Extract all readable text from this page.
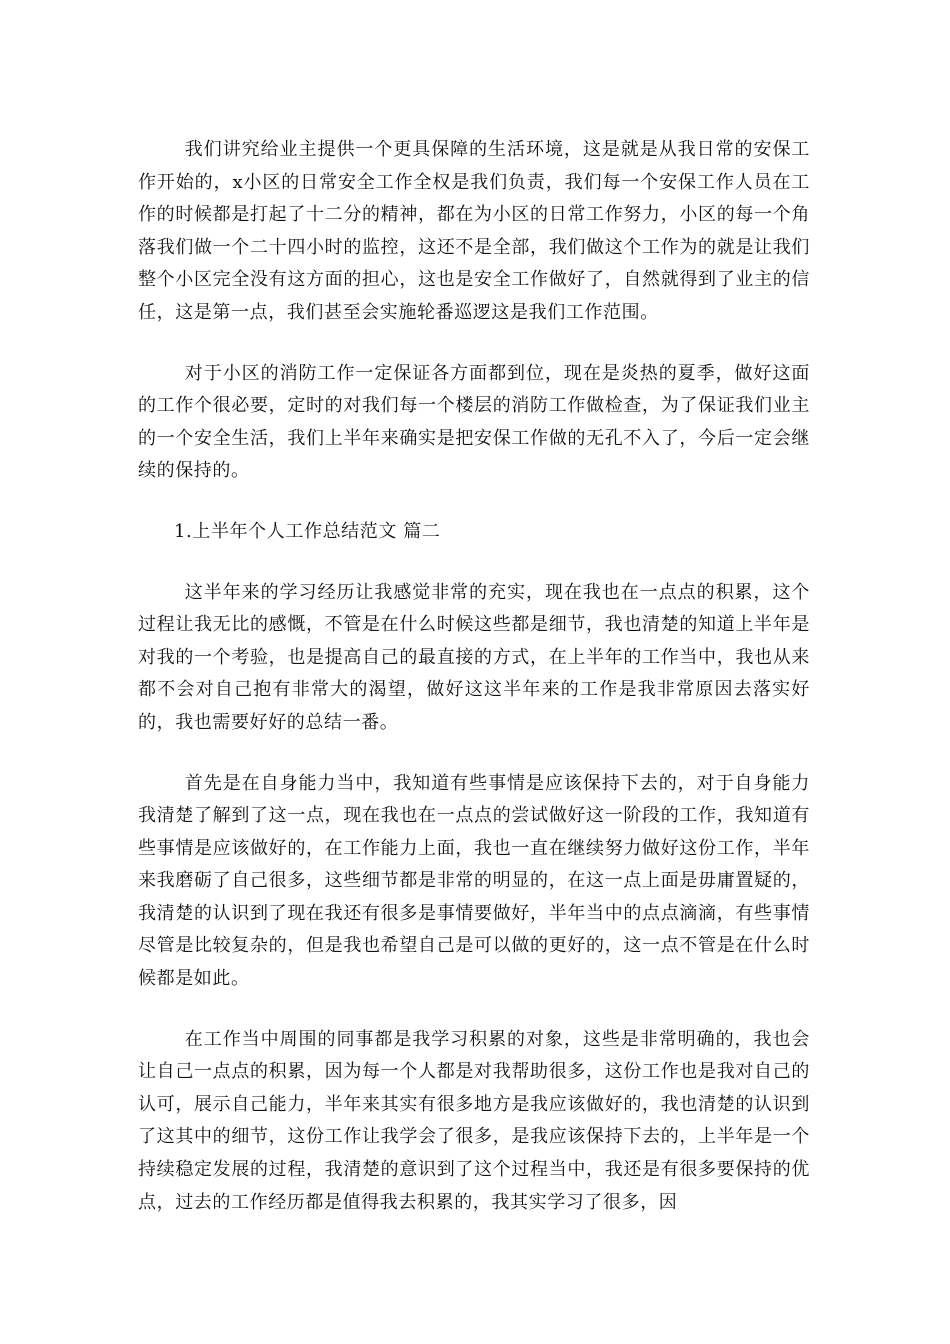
我们讲究给业主提供一个更具保障的生活环境，这是就是从我日常的安保工作开始的，x小区的日常安全工作全权是我们负责，我们每一个安保工作人员在工作的时候都是打起了十二分的精神，都在为小区的日常工作努力，小区的每一个角落我们做一个二十四小时的监控，这还不是全部，我们做这个工作为的就是让我们整个小区完全没有这方面的担心，这也是安全工作做好了，自然就得到了业主的信任，这是第一点，我们甚至会实施轮番巡逻这是我们工作范围。

对于小区的消防工作一定保证各方面都到位，现在是炎热的夏季，做好这面的工作个很必要，定时的对我们每一个楼层的消防工作做检查，为了保证我们业主的一个安全生活，我们上半年来确实是把安保工作做的无孔不入了，今后一定会继续的保持的。

1.上半年个人工作总结范文 篇二

这半年来的学习经历让我感觉非常的充实，现在我也在一点点的积累，这个过程让我无比的感慨，不管是在什么时候这些都是细节，我也清楚的知道上半年是对我的一个考验，也是提高自己的最直接的方式，在上半年的工作当中，我也从来都不会对自己抱有非常大的渴望，做好这这半年来的工作是我非常原因去落实好的，我也需要好好的总结一番。

首先是在自身能力当中，我知道有些事情是应该保持下去的，对于自身能力我清楚了解到了这一点，现在我也在一点点的尝试做好这一阶段的工作，我知道有些事情是应该做好的，在工作能力上面，我也一直在继续努力做好这份工作，半年来我磨砺了自己很多，这些细节都是非常的明显的，在这一点上面是毋庸置疑的，我清楚的认识到了现在我还有很多是事情要做好，半年当中的点点滴滴，有些事情尽管是比较复杂的，但是我也希望自己是可以做的更好的，这一点不管是在什么时候都是如此。

在工作当中周围的同事都是我学习积累的对象，这些是非常明确的，我也会让自己一点点的积累，因为每一个人都是对我帮助很多，这份工作也是我对自己的认可，展示自己能力，半年来其实有很多地方是我应该做好的，我也清楚的认识到了这其中的细节，这份工作让我学会了很多，是我应该保持下去的，上半年是一个持续稳定发展的过程，我清楚的意识到了这个过程当中，我还是有很多要保持的优点，过去的工作经历都是值得我去积累的，我其实学习了很多，因
